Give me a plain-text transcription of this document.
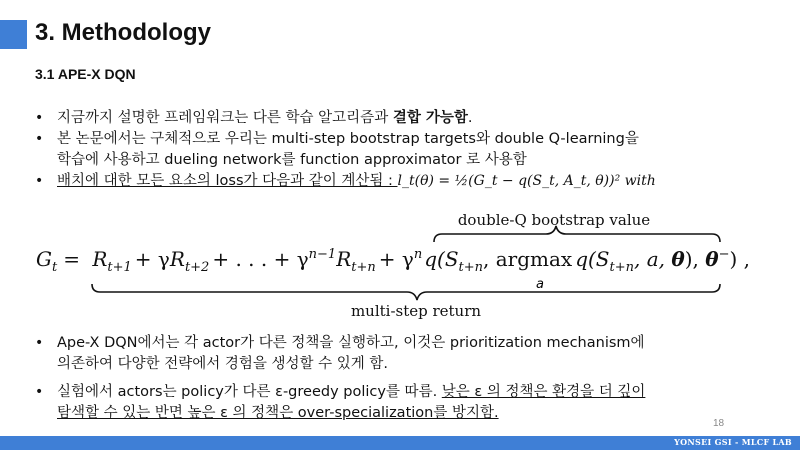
3. Methodology
3.1 APE-X DQN
• 지금까지 설명한 프레임워크는 다른 학습 알고리즘과 결합 가능함.
• 본 논문에서는 구체적으로 우리는 multi-step bootstrap targets와 double Q-learning을
학습에 사용하고 dueling network를 function approximator 로 사용함
• 배치에 대한 모든 요소의 loss가 다음과 같이 계산됨 : l_t(θ) = ½(G_t − q(S_t, A_t, θ))² with
double-Q bootstrap value
$G_t = R_{t+1} + \gamma R_{t+2}$ + . . . + $\gamma^{n-1}R_{t+n} + \gamma^n$ $q(S_{t+n}$, argmax $q(S_{t+n}$, a, θ), θ−) ,
a
multi-step return
• Ape-X DQN에서는 각 actor가 다른 정책을 실행하고, 이것은 prioritization mechanism에
의존하여 다양한 전략에서 경험을 생성할 수 있게 함.
• 실험에서 actors는 policy가 다른 ε-greedy policy를 따름. 낮은 ε 의 정책은 환경을 더 깊이
탐색할 수 있는 반면 높은 ε 의 정책은 over-specialization를 방지함.
18
YONSEI GSI - MLCF LAB
